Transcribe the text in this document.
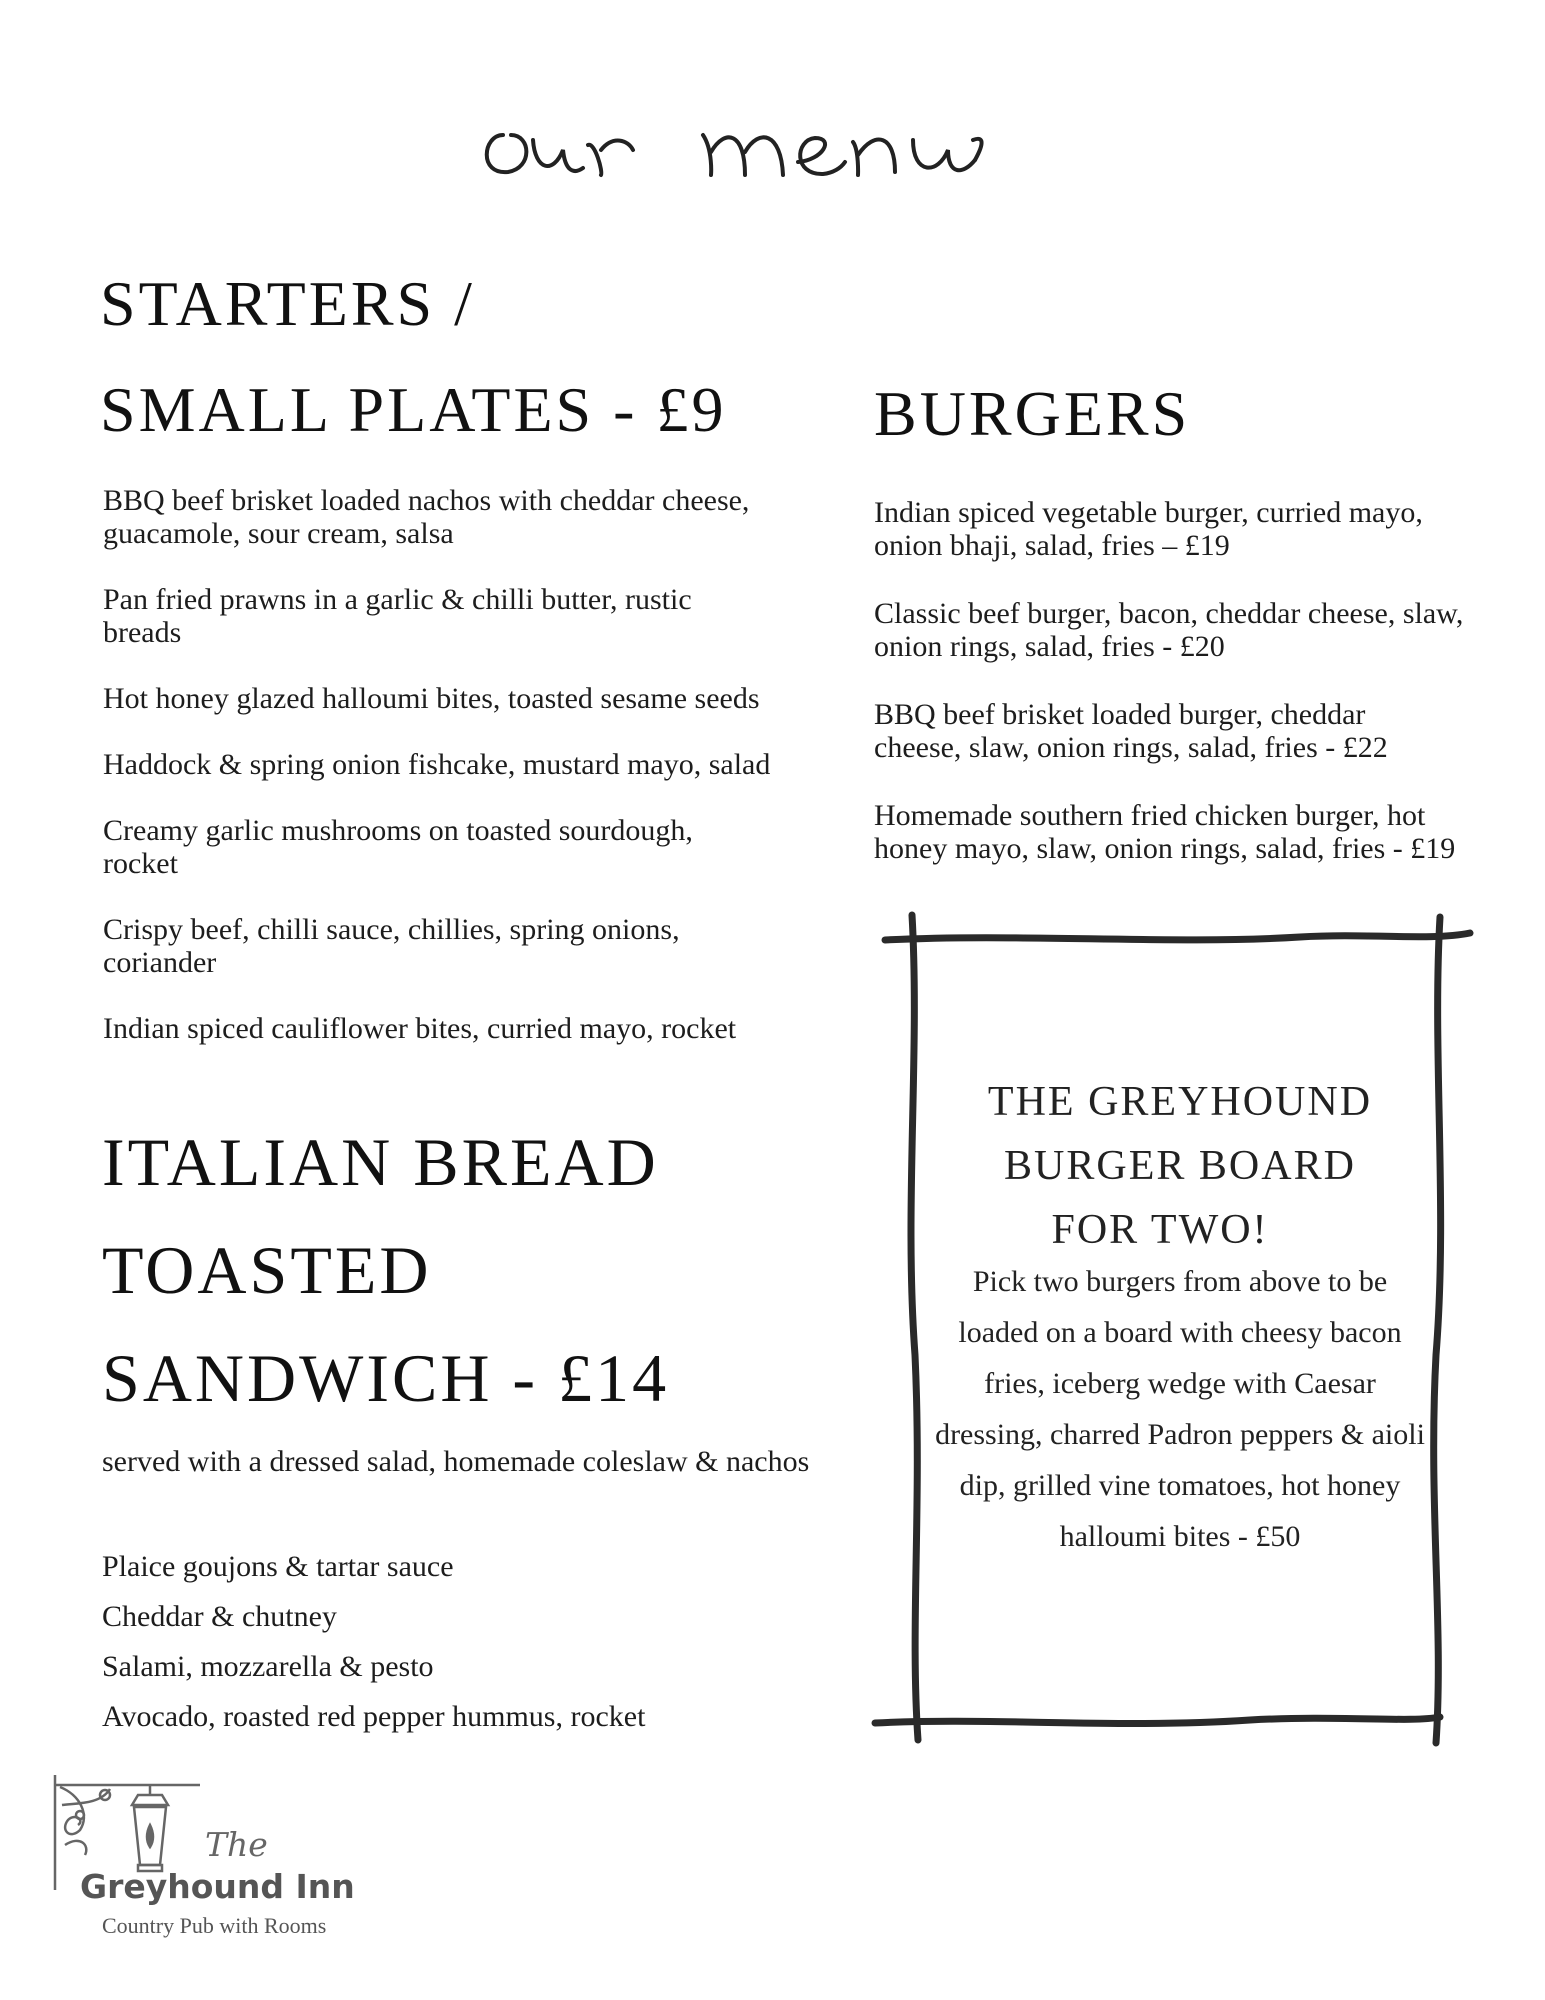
STARTERS /
SMALL PLATES - £9

BBQ beef brisket loaded nachos with cheddar cheese, guacamole, sour cream, salsa

Pan fried prawns in a garlic & chilli butter, rustic breads

Hot honey glazed halloumi bites, toasted sesame seeds

Haddock & spring onion fishcake, mustard mayo, salad

Creamy garlic mushrooms on toasted sourdough, rocket

Crispy beef, chilli sauce, chillies, spring onions, coriander

Indian spiced cauliflower bites, curried mayo, rocket

ITALIAN BREAD
TOASTED
SANDWICH - £14

served with a dressed salad, homemade coleslaw & nachos

Plaice goujons & tartar sauce

Cheddar & chutney

Salami, mozzarella & pesto

Avocado, roasted red pepper hummus, rocket

BURGERS

Indian spiced vegetable burger, curried mayo, onion bhaji, salad, fries – £19

Classic beef burger, bacon, cheddar cheese, slaw, onion rings, salad, fries - £20

BBQ beef brisket loaded burger, cheddar cheese, slaw, onion rings, salad, fries - £22

Homemade southern fried chicken burger, hot honey mayo, slaw, onion rings, salad, fries - £19

THE GREYHOUND
BURGER BOARD
FOR TWO!
Pick two burgers from above to be loaded on a board with cheesy bacon fries, iceberg wedge with Caesar dressing, charred Padron peppers & aioli dip, grilled vine tomatoes, hot honey halloumi bites - £50
The
Greyhound Inn
Country Pub with Rooms
